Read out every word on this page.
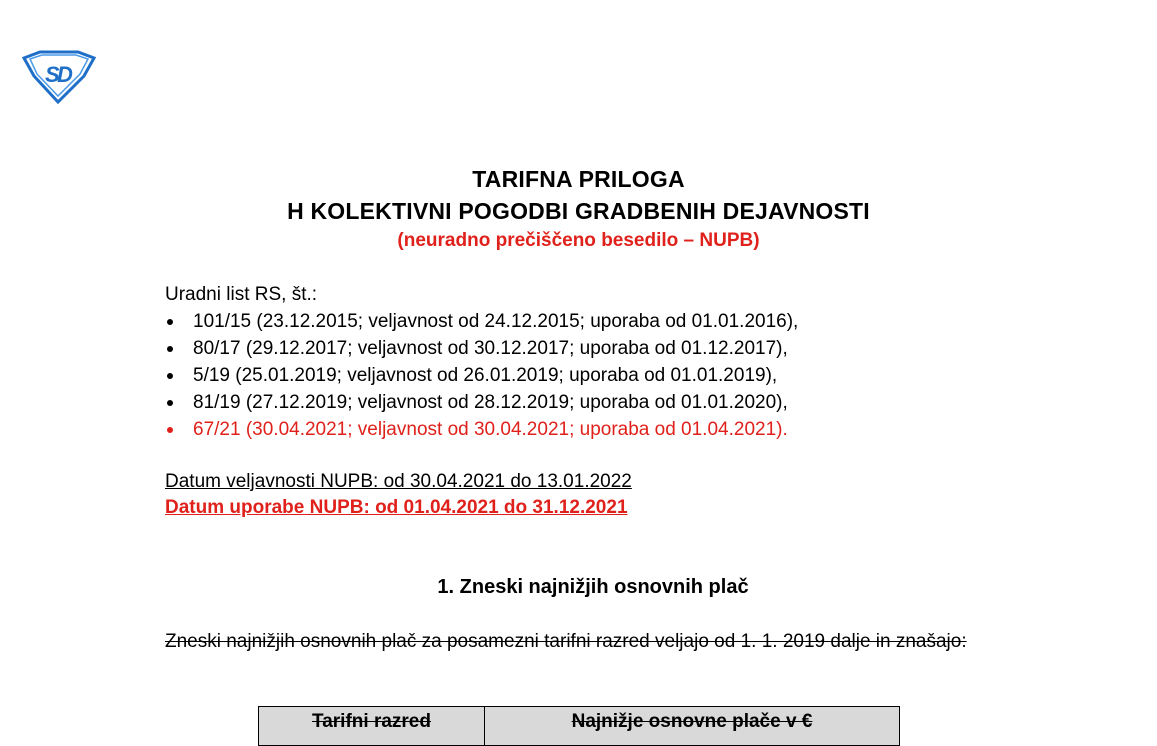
S
D
TARIFNA PRILOGA
H KOLEKTIVNI POGODBI GRADBENIH DEJAVNOSTI
(neuradno prečiščeno besedilo – NUPB)
Uradni list RS, št.:
101/15 (23.12.2015; veljavnost od 24.12.2015; uporaba od 01.01.2016),
80/17 (29.12.2017; veljavnost od 30.12.2017; uporaba od 01.12.2017),
5/19 (25.01.2019; veljavnost od 26.01.2019; uporaba od 01.01.2019),
81/19 (27.12.2019; veljavnost od 28.12.2019; uporaba od 01.01.2020),
67/21 (30.04.2021; veljavnost od 30.04.2021; uporaba od 01.04.2021).
Datum veljavnosti NUPB: od 30.04.2021 do 13.01.2022
Datum uporabe NUPB: od 01.04.2021 do 31.12.2021
1. Zneski najnižjih osnovnih plač
Zneski najnižjih osnovnih plač za posamezni tarifni razred veljajo od 1. 1. 2019 dalje in znašajo:
Tarifni razred	Najnižje osnovne plače v €
